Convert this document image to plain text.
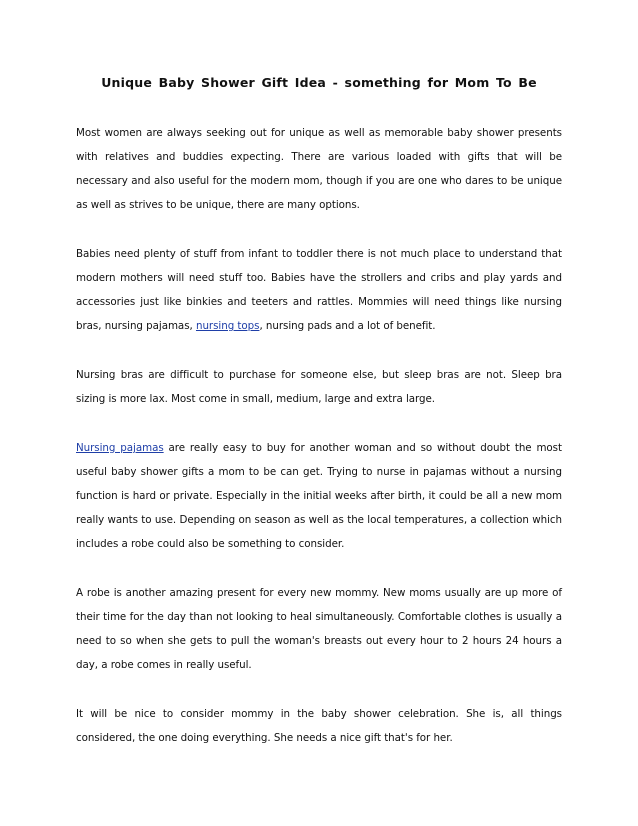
Unique Baby Shower Gift Idea - something for Mom To Be

Most women are always seeking out for unique as well as memorable baby shower presents with relatives and buddies expecting. There are various loaded with gifts that will be necessary and also useful for the modern mom, though if you are one who dares to be unique as well as strives to be unique, there are many options.

Babies need plenty of stuff from infant to toddler there is not much place to understand that modern mothers will need stuff too. Babies have the strollers and cribs and play yards and accessories just like binkies and teeters and rattles. Mommies will need things like nursing bras, nursing pajamas, nursing tops, nursing pads and a lot of benefit.

Nursing bras are difficult to purchase for someone else, but sleep bras are not. Sleep bra sizing is more lax. Most come in small, medium, large and extra large.

Nursing pajamas are really easy to buy for another woman and so without doubt the most useful baby shower gifts a mom to be can get. Trying to nurse in pajamas without a nursing function is hard or private. Especially in the initial weeks after birth, it could be all a new mom really wants to use. Depending on season as well as the local temperatures, a collection which includes a robe could also be something to consider.

A robe is another amazing present for every new mommy. New moms usually are up more of their time for the day than not looking to heal simultaneously. Comfortable clothes is usually a need to so when she gets to pull the woman's breasts out every hour to 2 hours 24 hours a day, a robe comes in really useful.

It will be nice to consider mommy in the baby shower celebration. She is, all things considered, the one doing everything. She needs a nice gift that's for her.
